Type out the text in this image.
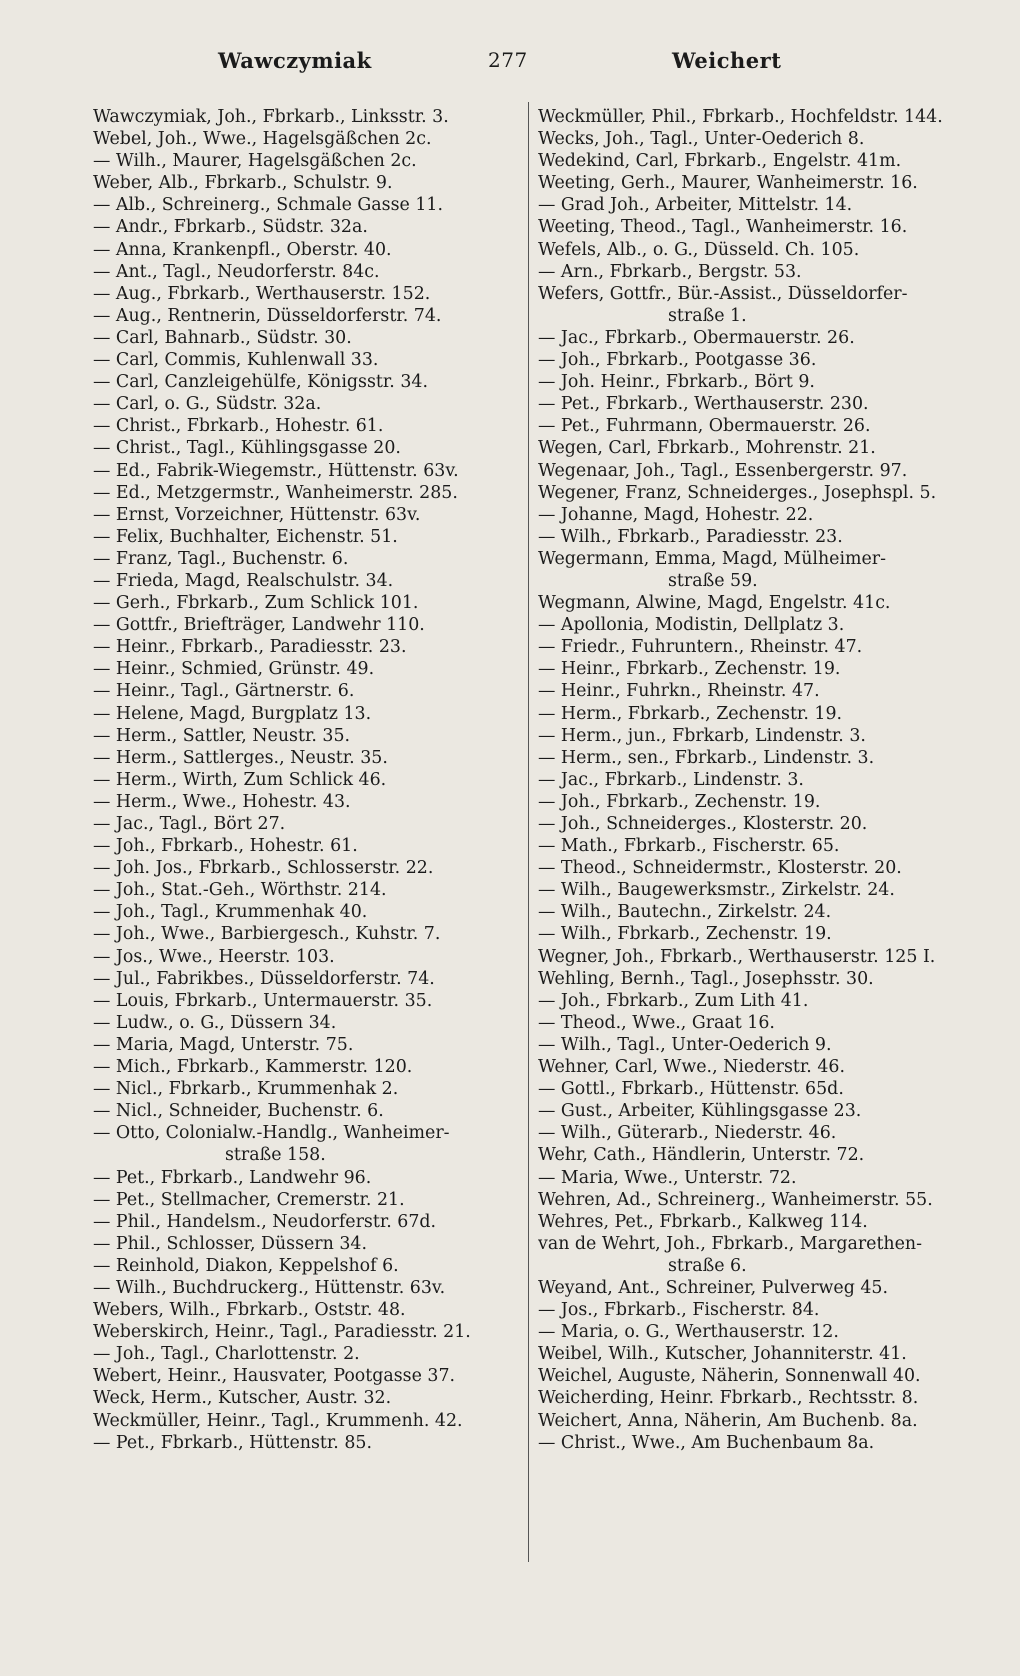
Wawczymiak	277	Weichert
Wawczymiak, Joh., Fbrkarb., Linksstr. 3.
Webel, Joh., Wwe., Hagelsgäßchen 2c.
— Wilh., Maurer, Hagelsgäßchen 2c.
Weber, Alb., Fbrkarb., Schulstr. 9.
— Alb., Schreinerg., Schmale Gasse 11.
— Andr., Fbrkarb., Südstr. 32a.
— Anna, Krankenpfl., Oberstr. 40.
— Ant., Tagl., Neudorferstr. 84c.
— Aug., Fbrkarb., Werthauserstr. 152.
— Aug., Rentnerin, Düsseldorferstr. 74.
— Carl, Bahnarb., Südstr. 30.
— Carl, Commis, Kuhlenwall 33.
— Carl, Canzleigehülfe, Königsstr. 34.
— Carl, o. G., Südstr. 32a.
— Christ., Fbrkarb., Hohestr. 61.
— Christ., Tagl., Kühlingsgasse 20.
— Ed., Fabrik-Wiegemstr., Hüttenstr. 63v.
— Ed., Metzgermstr., Wanheimerstr. 285.
— Ernst, Vorzeichner, Hüttenstr. 63v.
— Felix, Buchhalter, Eichenstr. 51.
— Franz, Tagl., Buchenstr. 6.
— Frieda, Magd, Realschulstr. 34.
— Gerh., Fbrkarb., Zum Schlick 101.
— Gottfr., Briefträger, Landwehr 110.
— Heinr., Fbrkarb., Paradiesstr. 23.
— Heinr., Schmied, Grünstr. 49.
— Heinr., Tagl., Gärtnerstr. 6.
— Helene, Magd, Burgplatz 13.
— Herm., Sattler, Neustr. 35.
— Herm., Sattlerges., Neustr. 35.
— Herm., Wirth, Zum Schlick 46.
— Herm., Wwe., Hohestr. 43.
— Jac., Tagl., Bört 27.
— Joh., Fbrkarb., Hohestr. 61.
— Joh. Jos., Fbrkarb., Schlosserstr. 22.
— Joh., Stat.-Geh., Wörthstr. 214.
— Joh., Tagl., Krummenhak 40.
— Joh., Wwe., Barbiergesch., Kuhstr. 7.
— Jos., Wwe., Heerstr. 103.
— Jul., Fabrikbes., Düsseldorferstr. 74.
— Louis, Fbrkarb., Untermauerstr. 35.
— Ludw., o. G., Düssern 34.
— Maria, Magd, Unterstr. 75.
— Mich., Fbrkarb., Kammerstr. 120.
— Nicl., Fbrkarb., Krummenhak 2.
— Nicl., Schneider, Buchenstr. 6.
— Otto, Colonialw.-Handlg., Wanheimer-
straße 158.
— Pet., Fbrkarb., Landwehr 96.
— Pet., Stellmacher, Cremerstr. 21.
— Phil., Handelsm., Neudorferstr. 67d.
— Phil., Schlosser, Düssern 34.
— Reinhold, Diakon, Keppelshof 6.
— Wilh., Buchdruckerg., Hüttenstr. 63v.
Webers, Wilh., Fbrkarb., Oststr. 48.
Weberskirch, Heinr., Tagl., Paradiesstr. 21.
— Joh., Tagl., Charlottenstr. 2.
Webert, Heinr., Hausvater, Pootgasse 37.
Weck, Herm., Kutscher, Austr. 32.
Weckmüller, Heinr., Tagl., Krummenh. 42.
— Pet., Fbrkarb., Hüttenstr. 85.
Weckmüller, Phil., Fbrkarb., Hochfeldstr. 144.
Wecks, Joh., Tagl., Unter-Oederich 8.
Wedekind, Carl, Fbrkarb., Engelstr. 41m.
Weeting, Gerh., Maurer, Wanheimerstr. 16.
— Grad Joh., Arbeiter, Mittelstr. 14.
Weeting, Theod., Tagl., Wanheimerstr. 16.
Wefels, Alb., o. G., Düsseld. Ch. 105.
— Arn., Fbrkarb., Bergstr. 53.
Wefers, Gottfr., Bür.-Assist., Düsseldorfer-
straße 1.
— Jac., Fbrkarb., Obermauerstr. 26.
— Joh., Fbrkarb., Pootgasse 36.
— Joh. Heinr., Fbrkarb., Bört 9.
— Pet., Fbrkarb., Werthauserstr. 230.
— Pet., Fuhrmann, Obermauerstr. 26.
Wegen, Carl, Fbrkarb., Mohrenstr. 21.
Wegenaar, Joh., Tagl., Essenbergerstr. 97.
Wegener, Franz, Schneiderges., Josephspl. 5.
— Johanne, Magd, Hohestr. 22.
— Wilh., Fbrkarb., Paradiesstr. 23.
Wegermann, Emma, Magd, Mülheimer-
straße 59.
Wegmann, Alwine, Magd, Engelstr. 41c.
— Apollonia, Modistin, Dellplatz 3.
— Friedr., Fuhruntern., Rheinstr. 47.
— Heinr., Fbrkarb., Zechenstr. 19.
— Heinr., Fuhrkn., Rheinstr. 47.
— Herm., Fbrkarb., Zechenstr. 19.
— Herm., jun., Fbrkarb, Lindenstr. 3.
— Herm., sen., Fbrkarb., Lindenstr. 3.
— Jac., Fbrkarb., Lindenstr. 3.
— Joh., Fbrkarb., Zechenstr. 19.
— Joh., Schneiderges., Klosterstr. 20.
— Math., Fbrkarb., Fischerstr. 65.
— Theod., Schneidermstr., Klosterstr. 20.
— Wilh., Baugewerksmstr., Zirkelstr. 24.
— Wilh., Bautechn., Zirkelstr. 24.
— Wilh., Fbrkarb., Zechenstr. 19.
Wegner, Joh., Fbrkarb., Werthauserstr. 125 I.
Wehling, Bernh., Tagl., Josephsstr. 30.
— Joh., Fbrkarb., Zum Lith 41.
— Theod., Wwe., Graat 16.
— Wilh., Tagl., Unter-Oederich 9.
Wehner, Carl, Wwe., Niederstr. 46.
— Gottl., Fbrkarb., Hüttenstr. 65d.
— Gust., Arbeiter, Kühlingsgasse 23.
— Wilh., Güterarb., Niederstr. 46.
Wehr, Cath., Händlerin, Unterstr. 72.
— Maria, Wwe., Unterstr. 72.
Wehren, Ad., Schreinerg., Wanheimerstr. 55.
Wehres, Pet., Fbrkarb., Kalkweg 114.
van de Wehrt, Joh., Fbrkarb., Margarethen-
straße 6.
Weyand, Ant., Schreiner, Pulverweg 45.
— Jos., Fbrkarb., Fischerstr. 84.
— Maria, o. G., Werthauserstr. 12.
Weibel, Wilh., Kutscher, Johanniterstr. 41.
Weichel, Auguste, Näherin, Sonnenwall 40.
Weicherding, Heinr. Fbrkarb., Rechtsstr. 8.
Weichert, Anna, Näherin, Am Buchenb. 8a.
— Christ., Wwe., Am Buchenbaum 8a.
